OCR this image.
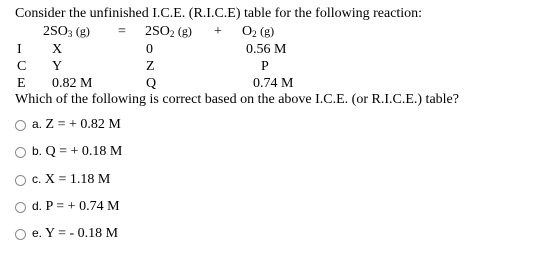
Consider the unfinished I.C.E. (R.I.C.E) table for the following reaction:
$2SO_3$ $(g) = 2SO_2$ $(g) + O_2$ (g)
I X	0	0.56 M
C Y	Z	P
E 0.82 M	Q	0.74 M
Which of the following is correct based on the above I.C.E. (or R.I.C.E.) table?
a. Z = + 0.82 M
b. Q = + 0.18 M
c. X = 1.18 M
d. P = + 0.74 M
e. Y = - 0.18 M
